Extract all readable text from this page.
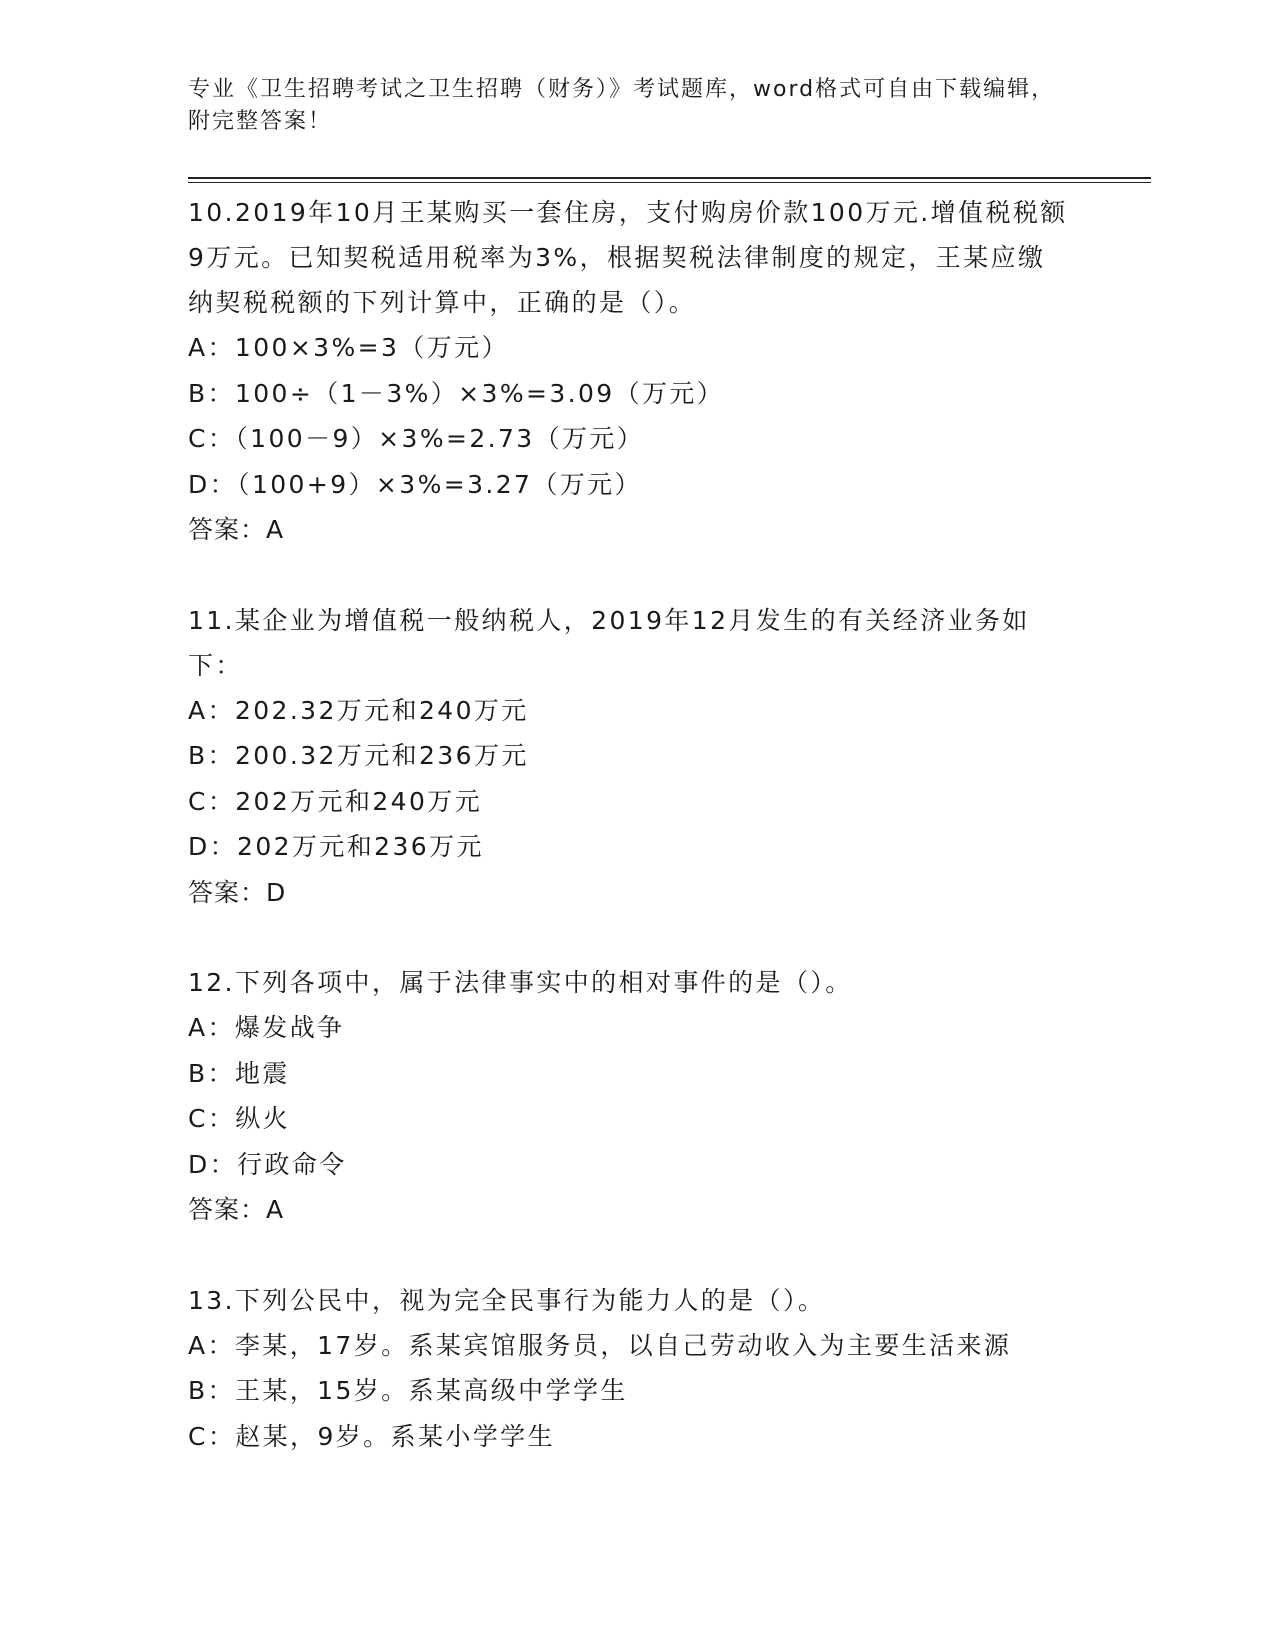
专业《卫生招聘考试之卫生招聘（财务）》考试题库，word格式可自由下载编辑，附完整答案！
10.2019年10月王某购买一套住房，支付购房价款100万元.增值税税额9万元。已知契税适用税率为3%，根据契税法律制度的规定，王某应缴纳契税税额的下列计算中，正确的是（）。
A：100×3%=3（万元）
B：100÷（1－3%）×3%=3.09（万元）
C：（100－9）×3%=2.73（万元）
D：（100+9）×3%=3.27（万元）
答案：A
11.某企业为增值税一般纳税人，2019年12月发生的有关经济业务如下：
A：202.32万元和240万元
B：200.32万元和236万元
C：202万元和240万元
D：202万元和236万元
答案：D
12.下列各项中，属于法律事实中的相对事件的是（）。
A：爆发战争
B：地震
C：纵火
D：行政命令
答案：A
13.下列公民中，视为完全民事行为能力人的是（）。
A：李某，17岁。系某宾馆服务员，以自己劳动收入为主要生活来源
B：王某，15岁。系某高级中学学生
C：赵某，9岁。系某小学学生
